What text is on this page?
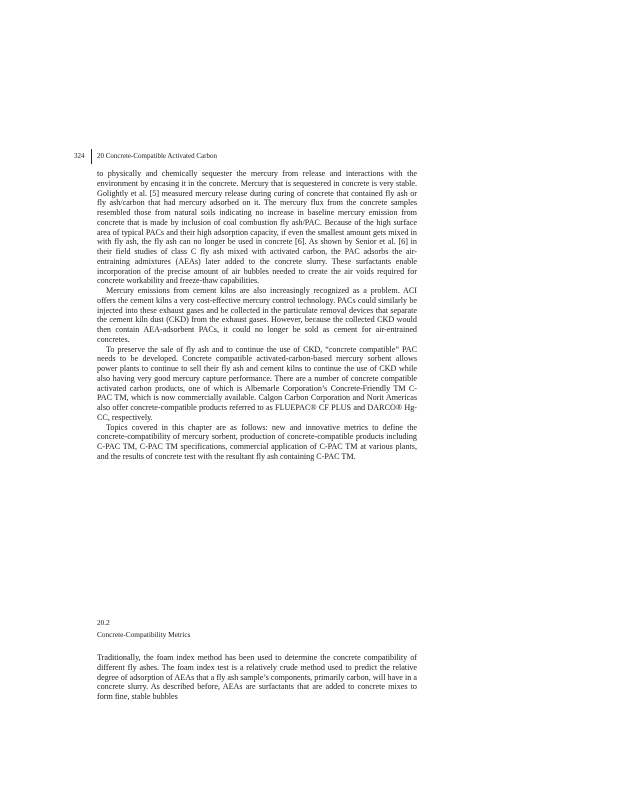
324 20 Concrete-Compatible Activated Carbon

to physically and chemically sequester the mercury from release and interactions with the environment by encasing it in the concrete. Mercury that is sequestered in concrete is very stable. Golightly et al. [5] measured mercury release during curing of concrete that contained fly ash or fly ash/carbon that had mercury adsorbed on it. The mercury flux from the concrete samples resembled those from natural soils indicating no increase in baseline mercury emission from concrete that is made by inclusion of coal combustion fly ash/PAC. Because of the high surface area of typical PACs and their high adsorption capacity, if even the smallest amount gets mixed in with fly ash, the fly ash can no longer be used in concrete [6]. As shown by Senior et al. [6] in their field studies of class C fly ash mixed with activated carbon, the PAC adsorbs the air-entraining admixtures (AEAs) later added to the concrete slurry. These surfactants enable incorporation of the precise amount of air bubbles needed to create the air voids required for concrete workability and freeze-thaw capabilities.

Mercury emissions from cement kilns are also increasingly recognized as a problem. ACI offers the cement kilns a very cost-effective mercury control technology. PACs could similarly be injected into these exhaust gases and be collected in the particulate removal devices that separate the cement kiln dust (CKD) from the exhaust gases. However, because the collected CKD would then contain AEA-adsorbent PACs, it could no longer be sold as cement for air-entrained concretes.

To preserve the sale of fly ash and to continue the use of CKD, “concrete compatible” PAC needs to be developed. Concrete compatible activated-carbon-based mercury sorbent allows power plants to continue to sell their fly ash and cement kilns to continue the use of CKD while also having very good mercury capture performance. There are a number of concrete compatible activated carbon products, one of which is Albemarle Corporation’s Concrete-Friendly TM C-PAC TM, which is now commercially available. Calgon Carbon Corporation and Norit Americas also offer concrete-compatible products referred to as FLUEPAC® CF PLUS and DARCO® Hg-CC, respectively.

Topics covered in this chapter are as follows: new and innovative metrics to define the concrete-compatibility of mercury sorbent, production of concrete-compatible products including C-PAC TM, C-PAC TM specifications, commercial application of C-PAC TM at various plants, and the results of concrete test with the resultant fly ash containing C-PAC TM.

20.2
Concrete-Compatibility Metrics

Traditionally, the foam index method has been used to determine the concrete compatibility of different fly ashes. The foam index test is a relatively crude method used to predict the relative degree of adsorption of AEAs that a fly ash sample’s components, primarily carbon, will have in a concrete slurry. As described before, AEAs are surfactants that are added to concrete mixes to form fine, stable bubbles
